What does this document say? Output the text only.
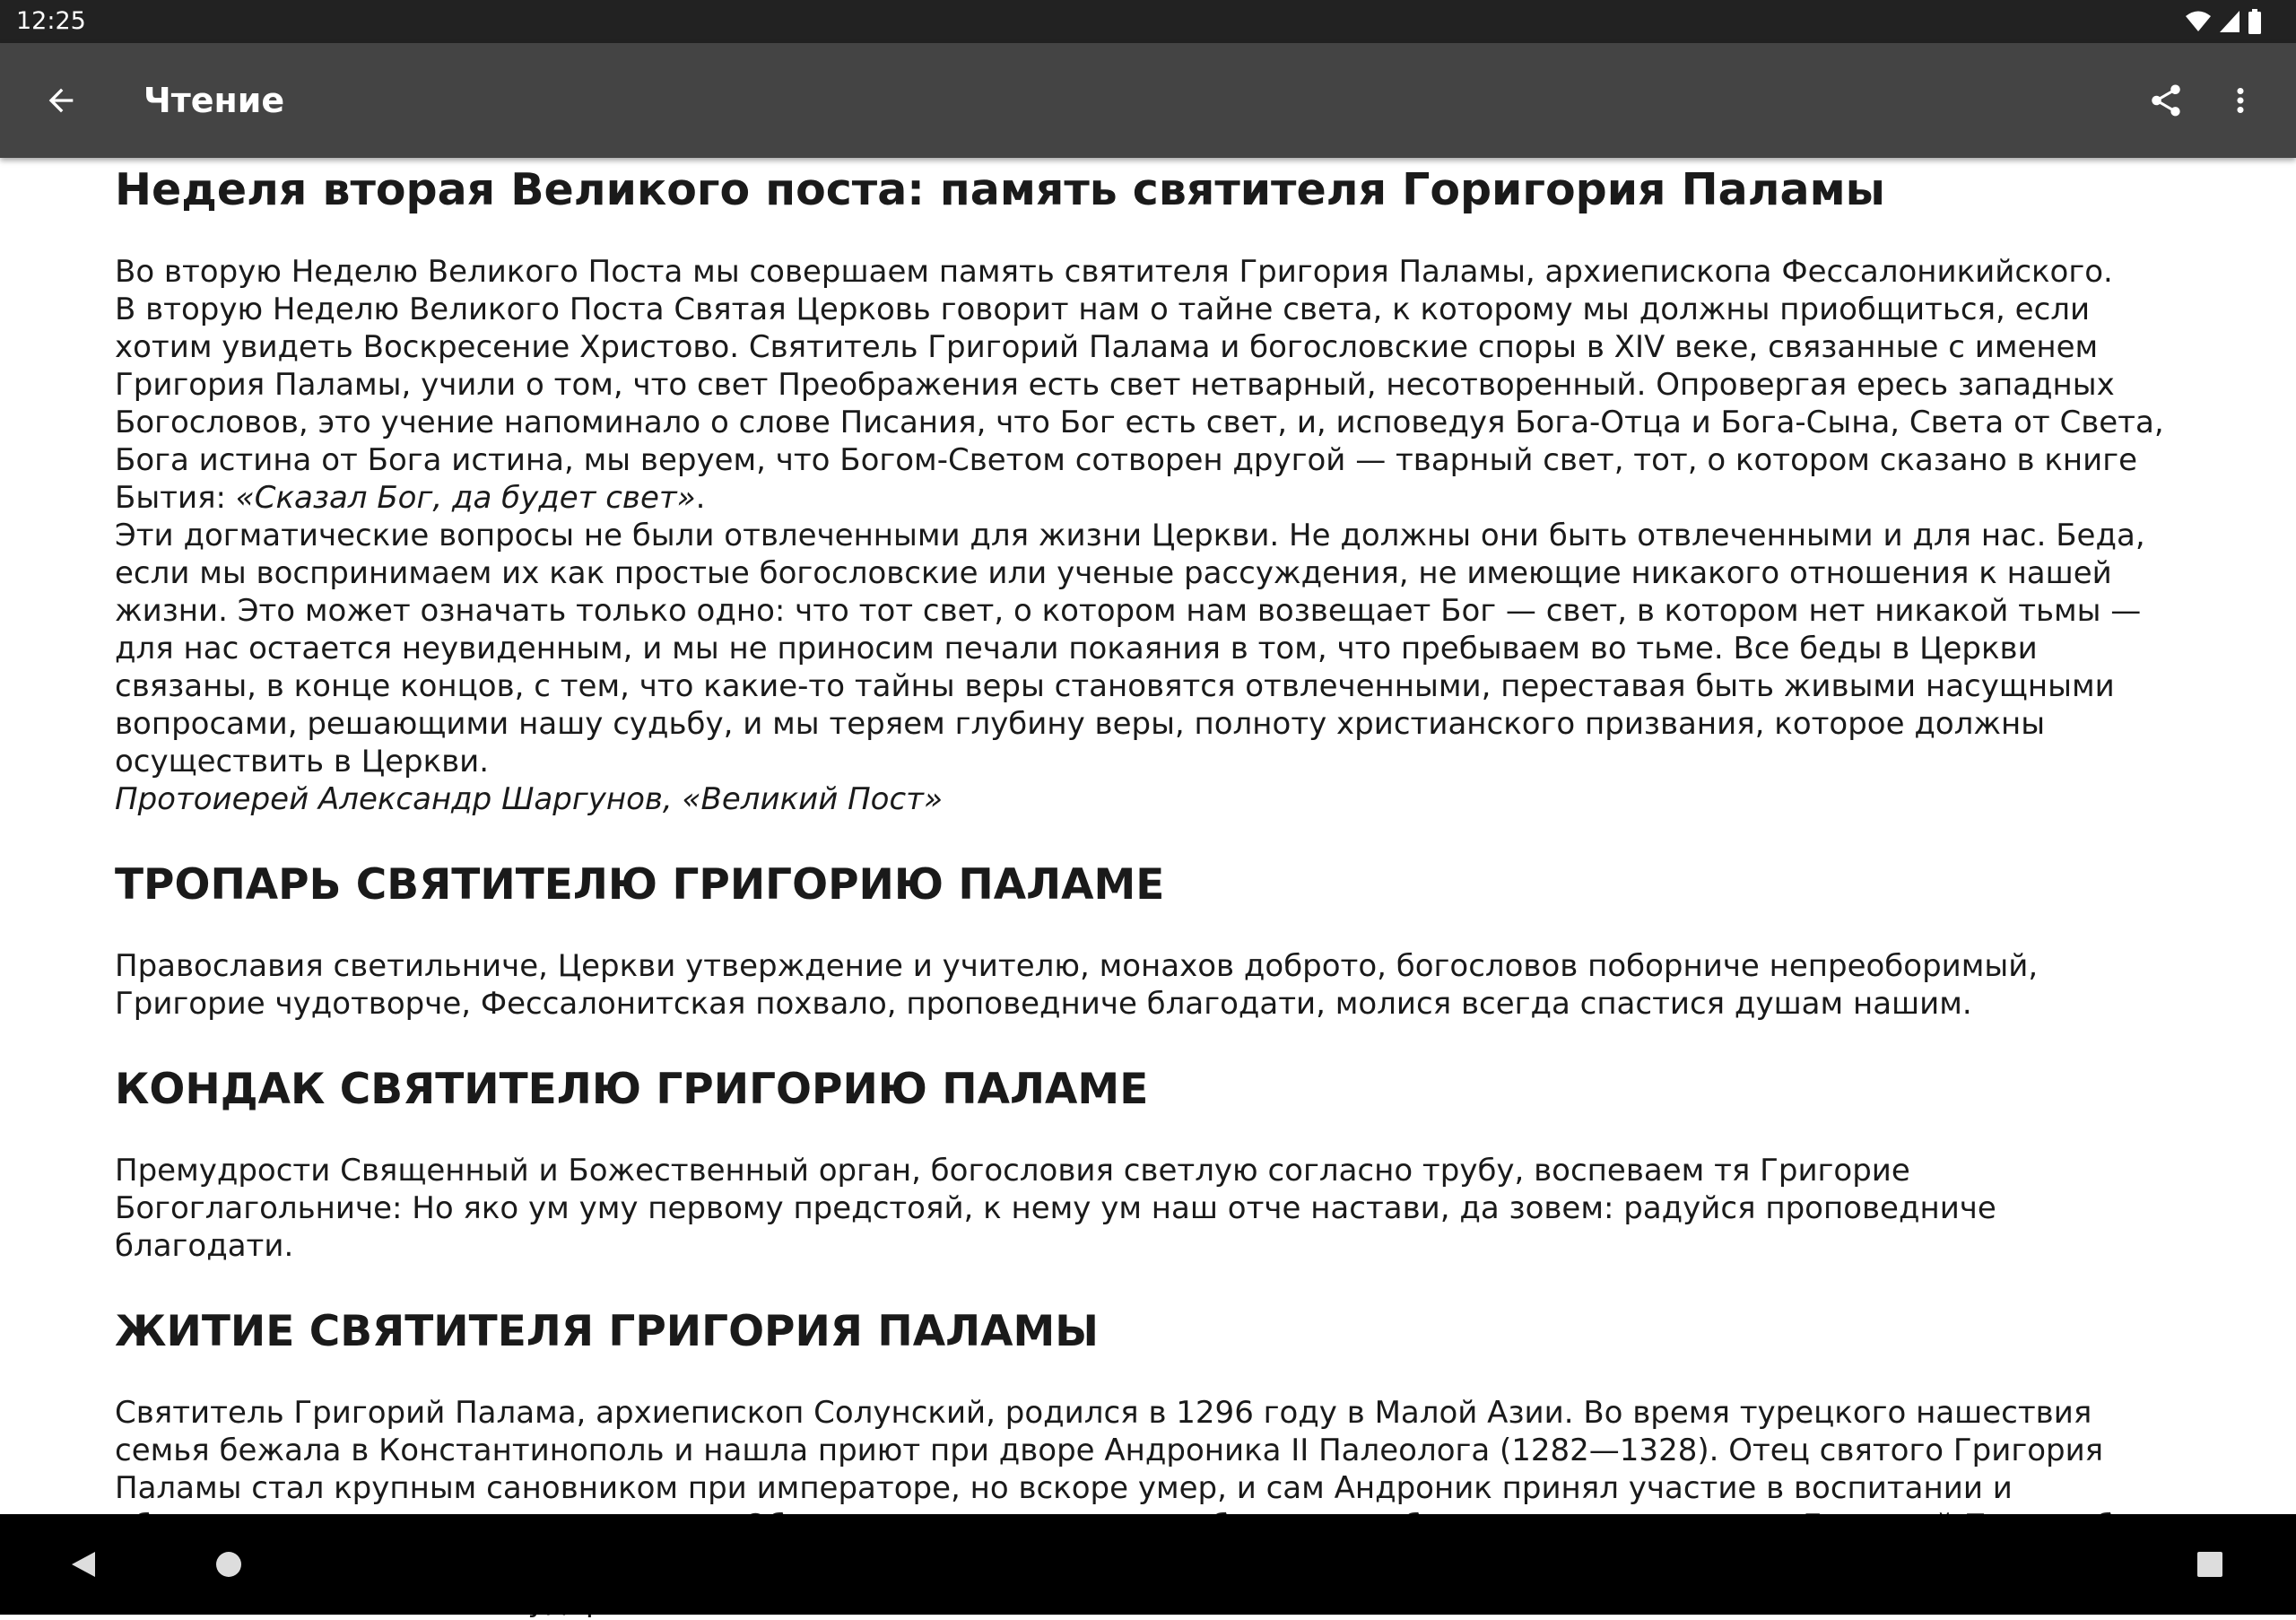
12:25
Чтение
Неделя вторая Великого поста: память святителя Горигория Паламы

Во вторую Неделю Великого Поста мы совершаем память святителя Григория Паламы, архиепископа Фессалоникийского.

В вторую Неделю Великого Поста Святая Церковь говорит нам о тайне света, к которому мы должны приобщиться, если хотим увидеть Воскресение Христово. Святитель Григорий Палама и богословские споры в XIV веке, связанные с именем Григория Паламы, учили о том, что свет Преображения есть свет нетварный, несотворенный. Опровергая ересь западных Богословов, это учение напоминало о слове Писания, что Бог есть свет, и, исповедуя Бога-Отца и Бога-Сына, Света от Света, Бога истина от Бога истина, мы веруем, что Богом-Светом сотворен другой — тварный свет, тот, о котором сказано в книге Бытия: «Сказал Бог, да будет свет».

Эти догматические вопросы не были отвлеченными для жизни Церкви. Не должны они быть отвлеченными и для нас. Беда, если мы воспринимаем их как простые богословские или ученые рассуждения, не имеющие никакого отношения к нашей жизни. Это может означать только одно: что тот свет, о котором нам возвещает Бог — свет, в котором нет никакой тьмы — для нас остается неувиденным, и мы не приносим печали покаяния в том, что пребываем во тьме. Все беды в Церкви связаны, в конце концов, с тем, что какие-то тайны веры становятся отвлеченными, переставая быть живыми насущными вопросами, решающими нашу судьбу, и мы теряем глубину веры, полноту христианского призвания, которое должны осуществить в Церкви.

Протоиерей Александр Шаргунов, «Великий Пост»

ТРОПАРЬ СВЯТИТЕЛЮ ГРИГОРИЮ ПАЛАМЕ

Православия светильниче, Церкви утверждение и учителю, монахов доброто, богословов поборниче непреоборимый, Григорие чудотворче, Фессалонитская похвало, проповедниче благодати, молися всегда спастися душам нашим.

КОНДАК СВЯТИТЕЛЮ ГРИГОРИЮ ПАЛАМЕ

Премудрости Священный и Божественный орган, богословия светлую согласно трубу, воспеваем тя Григорие Богоглагольниче: Но яко ум уму первому предстояй, к нему ум наш отче настави, да зовем: радуйся проповедниче благодати.

ЖИТИЕ СВЯТИТЕЛЯ ГРИГОРИЯ ПАЛАМЫ

Святитель Григорий Палама, архиепископ Солунский, родился в 1296 году в Малой Азии. Во время турецкого нашествия семья бежала в Константинополь и нашла приют при дворе Андроника II Палеолога (1282—1328). Отец святого Григория Паламы стал крупным сановником при императоре, но вскоре умер, и сам Андроник принял участие в воспитании и
